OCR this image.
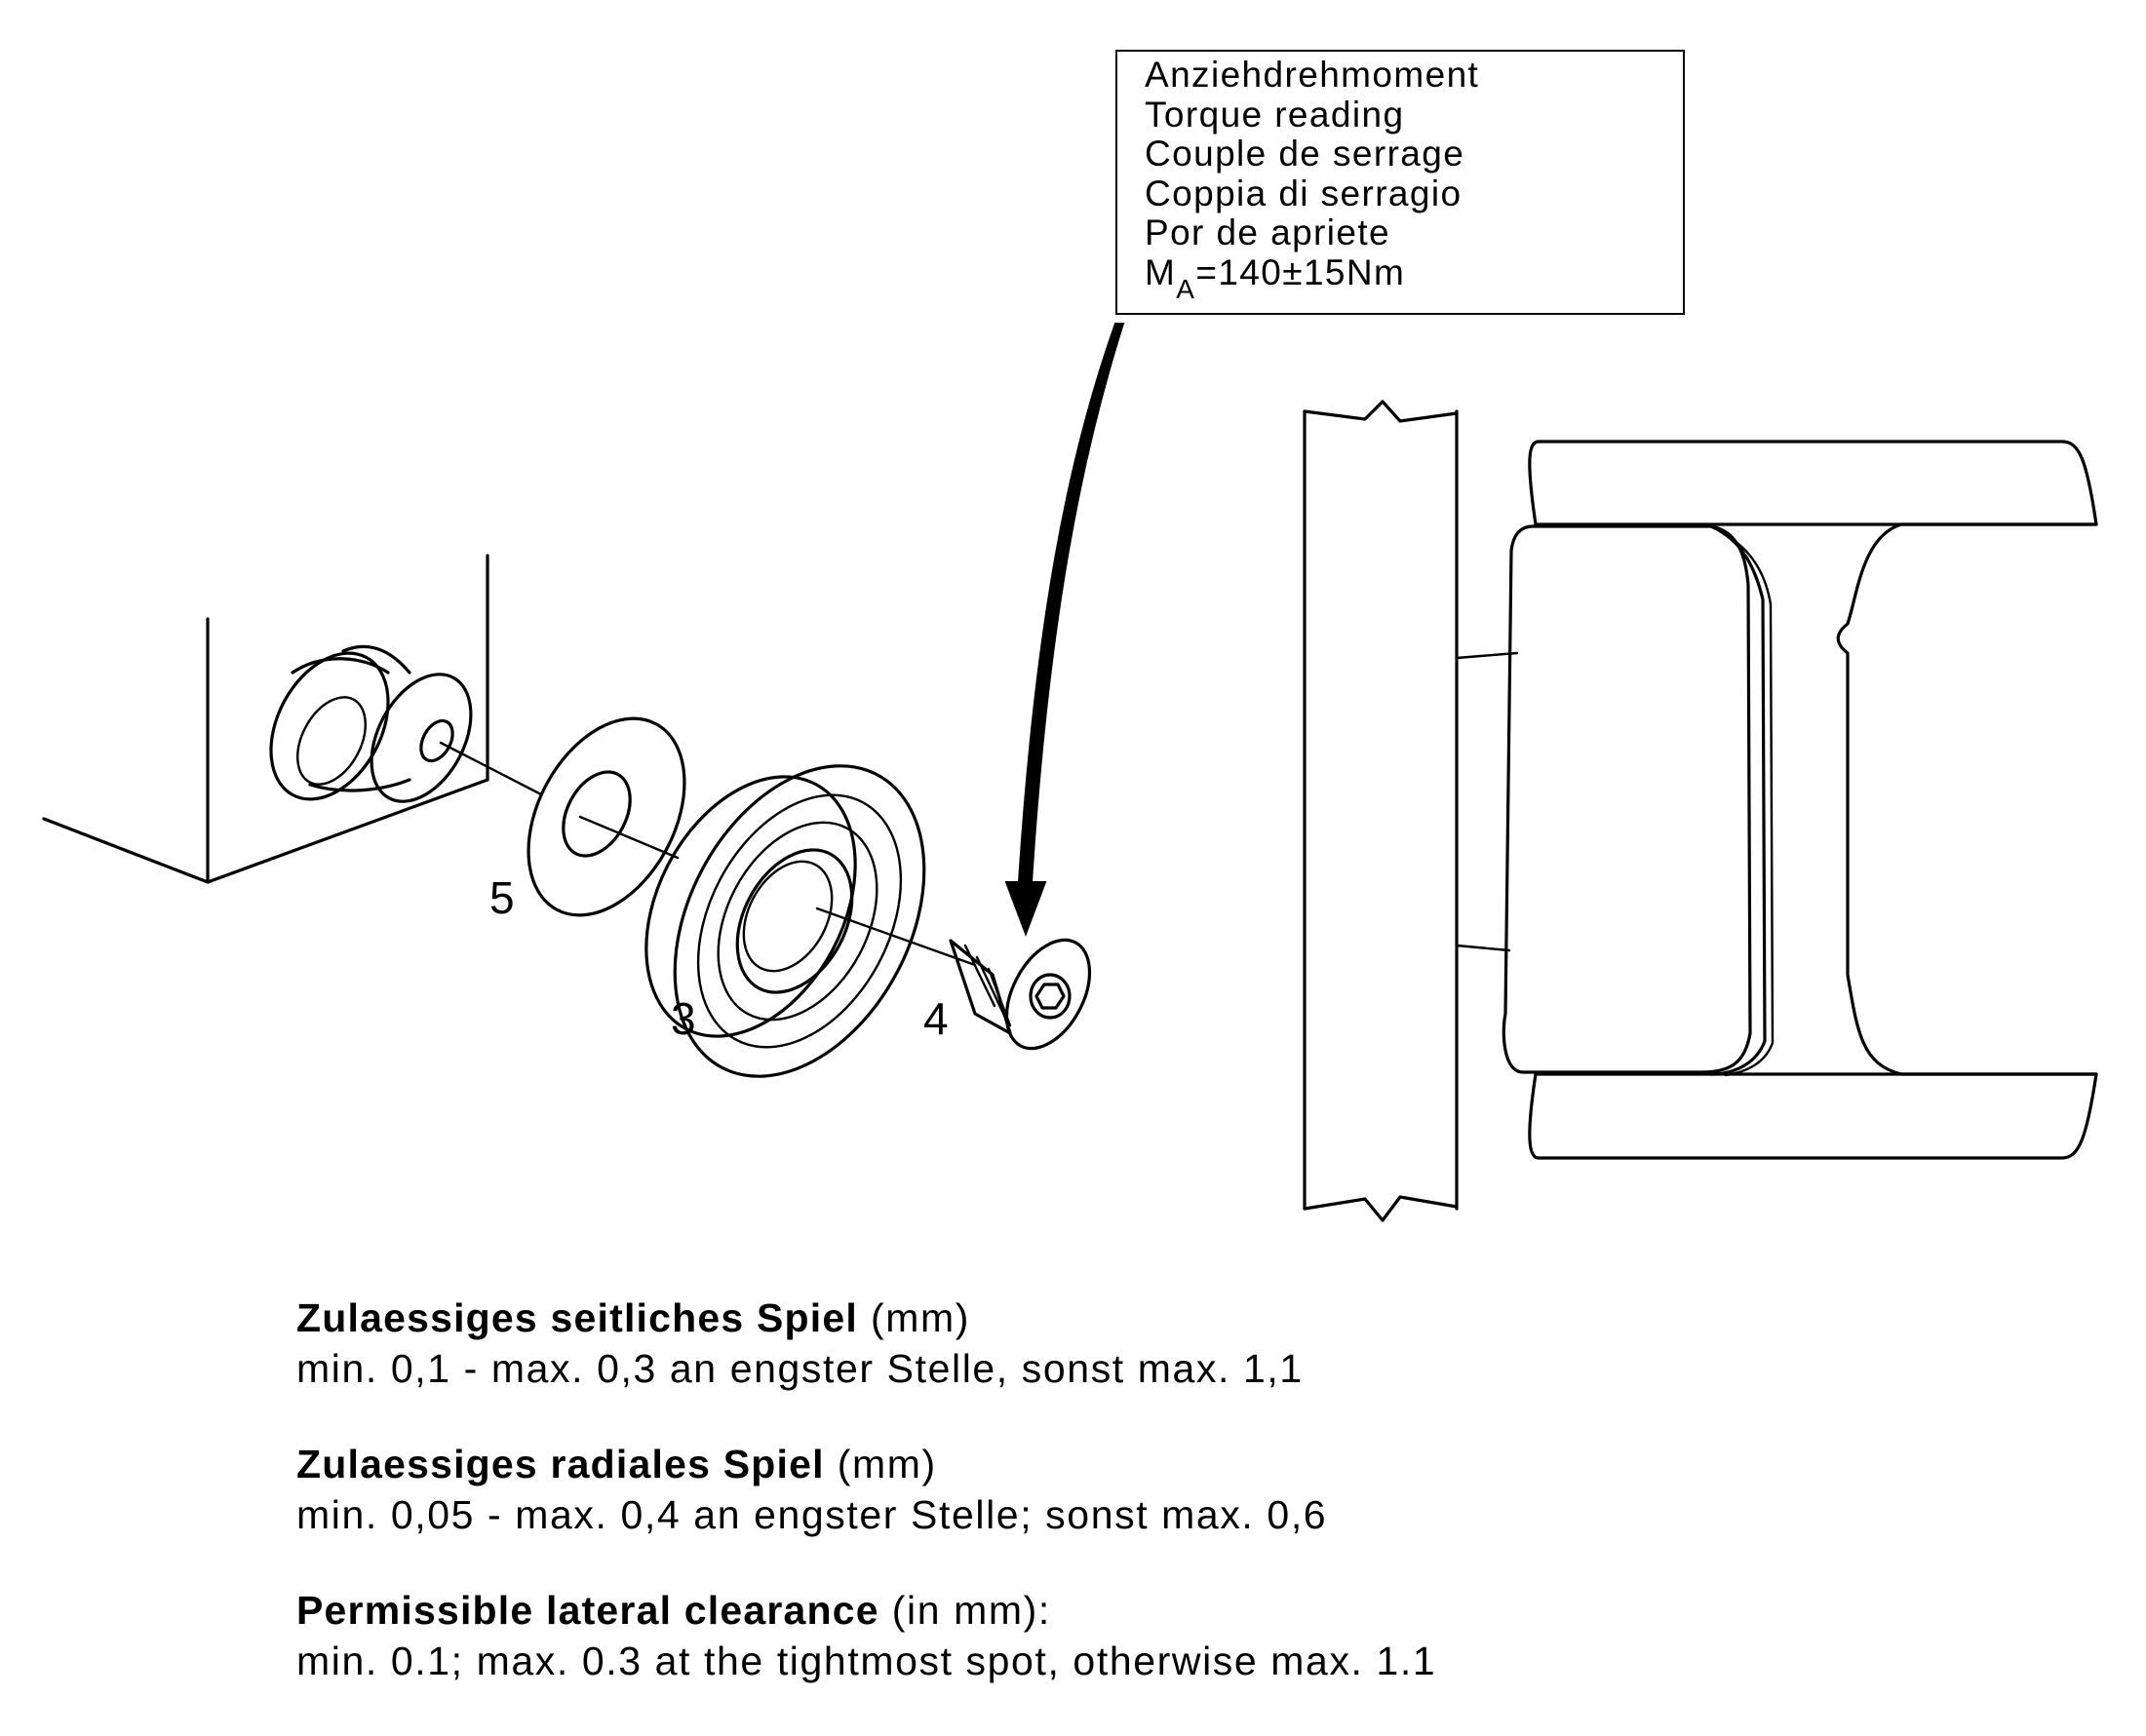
Anziehdrehmoment
Torque reading
Couple de serrage
Coppia di serragio
Por de apriete
$M_A=140\pm 15Nm$
5
3	4
Zulaessiges seitliches Spiel (mm)
min. 0,1 - max. 0,3 an engster Stelle, sonst max. 1,1
Zulaessiges radiales Spiel (mm)
min. 0,05 - max. 0,4 an engster Stelle; sonst max. 0,6
Permissible lateral clearance (in mm):
min. 0.1; max. 0.3 at the tightmost spot, otherwise max. 1.1
